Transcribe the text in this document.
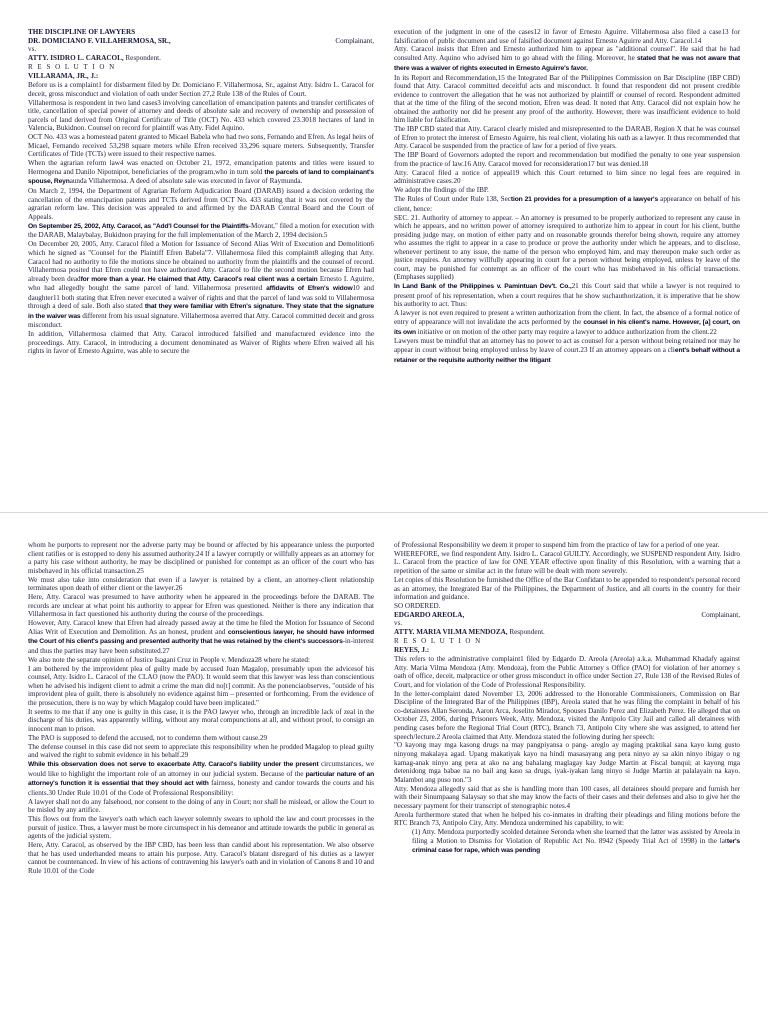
THE DISCIPLINE OF LAWYERS

DR. DOMICIANO F. VILLAHERMOSA, SR.,	Complainant,

vs.

ATTY. ISIDRO L. CARACOL, Respondent.

R E S O L U T I O N

VILLARAMA, JR., J.:

Before us is a complaint1 for disbarment filed by Dr. Domiciano F. Villahermosa, Sr., against Atty. Isidro L. Caracol for deceit, gross misconduct and violation of oath under Section 27,2 Rule 138 of the Rules of Court.

Villahermosa is respondent in two land cases3 involving cancellation of emancipation patents and transfer certificates of title, cancellation of special power of attorney and deeds of absolute sale and recovery of ownership and possession of parcels of land derived from Original Certificate of Title (OCT) No. 433 which covered 23.3018 hectares of land in Valencia, Bukidnon. Counsel on record for plaintiff was Atty. Fidel Aquino.

OCT No. 433 was a homestead patent granted to Micael Babela who had two sons, Fernando and Efren. As legal heirs of Micael, Fernando received 53,298 square meters while Efren received 33,296 square meters. Subsequently, Transfer Certificates of Title (TCTs) were issued to their respective names.

When the agrarian reform law4 was enacted on October 21, 1972, emancipation patents and titles were issued to Hermogena and Danilo Nipotnipot, beneficiaries of the program,who in turn sold the parcels of land to complainant's spouse, Reynaunda Villahermosa. A deed of absolute sale was executed in favor of Raymunda.

On March 2, 1994, the Department of Agrarian Reform Adjudication Board (DARAB) issued a decision ordering the cancellation of the emancipation patents and TCTs derived from OCT No. 433 stating that it was not covered by the agrarian reform law. This decision was appealed to and affirmed by the DARAB Central Board and the Court of Appeals.

On September 25, 2002, Atty. Caracol, as "Add'l Counsel for the Plaintiffs-Movant," filed a motion for execution with the DARAB, Malaybalay, Bukidnon praying for the full implementation of the March 2, 1994 decision.5

On December 20, 2005, Atty. Caracol filed a Motion for Issuance of Second Alias Writ of Execution and Demolition6 which he signed as "Counsel for the Plaintiff Efren Babela"7. Villahermosa filed this complaint8 alleging that Atty. Caracol had no authority to file the motions since he obtained no authority from the plaintiffs and the counsel of record. Villahermosa posited that Efren could not have authorized Atty. Caracol to file the second motion because Efren had already been deadfor more than a year. He claimed that Atty. Caracol's real client was a certain Ernesto I. Aguirre, who had allegedly bought the same parcel of land. Villahermosa presented affidavits of Efren's widow10 and daughter11 both stating that Efren never executed a waiver of rights and that the parcel of land was sold to Villahermosa through a deed of sale. Both also stated that they were familiar with Efren's signature. They state that the signature in the waiver was different from his usual signature. Villahermosa averred that Atty. Caracol committed deceit and gross misconduct.

In addition, Villahermosa claimed that Atty. Caracol introduced falsified and manufactured evidence into the proceedings. Atty. Caracol, in introducing a document denominated as Waiver of Rights where Efren waived all his rights in favor of Ernesto Aguirre, was able to secure the

execution of the judgment in one of the cases12 in favor of Ernesto Aguirre. Villahermosa also filed a case13 for falsification of public document and use of falsified document against Ernesto Aguirre and Atty. Caracol.14

Atty. Caracol insists that Efren and Ernesto authorized him to appear as "additional counsel". He said that he had consulted Atty. Aquino who advised him to go ahead with the filing. Moreover, he stated that he was not aware that there was a waiver of rights executed in Ernesto Aguirre's favor.

In its Report and Recommendation,15 the Integrated Bar of the Philippines Commission on Bar Discipline (IBP CBD) found that Atty. Caracol committed deceitful acts and misconduct. It found that respondent did not present credible evidence to controvert the allegation that he was not authorized by plaintiff or counsel of record. Respondent admitted that at the time of the filing of the second motion, Efren was dead. It noted that Atty. Caracol did not explain how he obtained the authority nor did he present any proof of the authority. However, there was insufficient evidence to hold him liable for falsification.

The IBP CBD stated that Atty. Caracol clearly misled and misrepresented to the DARAB, Region X that he was counsel of Efren to protect the interest of Ernesto Aguirre, his real client, violating his oath as a lawyer. It thus recommended that Atty. Caracol be suspended from the practice of law for a period of five years.

The IBP Board of Governors adopted the report and recommendation but modified the penalty to one year suspension from the practice of law.16 Atty. Caracol moved for reconsideration17 but was denied.18

Atty. Caracol filed a notice of appeal19 which this Court returned to him since no legal fees are required in administrative cases.20

We adopt the findings of the IBP.

The Rules of Court under Rule 138, Section 21 provides for a presumption of a lawyer's appearance on behalf of his client, hence:

SEC. 21. Authority of attorney to appear. – An attorney is presumed to be properly authorized to represent any cause in which he appears, and no written power of attorney isrequired to authorize him to appear in court for his client, butthe presiding judge may, on motion of either party and on reasonable grounds therefor being shown, require any attorney who assumes the right to appear in a case to produce or prove the authority under which he appears, and to disclose, whenever pertinent to any issue, the name of the person who employed him, and may thereupon make such order as justice requires. An attorney willfully appearing in court for a person without being employed, unless by leave of the court, may be punished for contempt as an officer of the court who has misbehaved in his official transactions. (Emphases supplied)

In Land Bank of the Philippines v. Pamintuan Dev't. Co.,21 this Court said that while a lawyer is not required to present proof of his representation, when a court requires that he show suchauthorization, it is imperative that he show his authority to act. Thus:

A lawyer is not even required to present a written authorization from the client. In fact, the absence of a formal notice of entry of appearance will not invalidate the acts performed by the counsel in his client's name. However, [a] court, on its own initiative or on motion of the other party may require a lawyer to adduce authorization from the client.22

Lawyers must be mindful that an attorney has no power to act as counsel for a person without being retained nor may he appear in court without being employed unless by leave of court.23 If an attorney appears on a client's behalf without a retainer or the requisite authority neither the litigant

whom he purports to represent nor the adverse party may be bound or affected by his appearance unless the purported client ratifies or is estopped to deny his assumed authority.24 If a lawyer corruptly or willfully appears as an attorney for a party his case without authority, he may be disciplined or punished for contempt as an officer of the court who has misbehaved in his official transaction.25

We must also take into consideration that even if a lawyer is retained by a client, an attorney-client relationship terminates upon death of either client or the lawyer.26

Here, Atty. Caracol was presumed to have authority when he appeared in the proceedings before the DARAB. The records are unclear at what point his authority to appear for Efren was questioned. Neither is there any indication that Villahermosa in fact questioned his authority during the course of the proceedings.

However, Atty. Caracol knew that Efren had already passed away at the time he filed the Motion for Issuance of Second Alias Writ of Execution and Demolition. As an honest, prudent and conscientious lawyer, he should have informed the Court of his client's passing and presented authority that he was retained by the client's successors-in-interest and thus the parties may have been substituted.27

We also note the separate opinion of Justice Isagani Cruz in People v. Mendoza28 where he stated:

I am bothered by the improvident plea of guilty made by accused Juan Magalop, presumably upon the advicesof his counsel, Atty. Isidro L. Caracol of the CLAO (now the PAO). It would seem that this lawyer was less than conscientious when he advised his indigent client to admit a crime the man did no[t] commit. As the ponenciaobserves, "outside of his improvident plea of guilt, there is absolutely no evidence against him – presented or forthcoming. From the evidence of the prosecution, there is no way by which Magalop could have been implicated."

It seems to me that if any one is guilty in this case, it is the PAO lawyer who, through an incredible lack of zeal in the discharge of his duties, was apparently willing, without any moral compunctions at all, and without proof, to consign an innocent man to prison.

The PAO is supposed to defend the accused, not to condemn them without cause.29

The defense counsel in this case did not seem to appreciate this responsibility when he prodded Magalop to plead guilty and waived the right to submit evidence in his behalf.29

While this observation does not serve to exacerbate Atty. Caracol's liability under the present circumstances, we would like to highlight the important role of an attorney in our judicial system. Because of the particular nature of an attorney's function it is essential that they should act with fairness, honesty and candor towards the courts and his clients.30 Under Rule 10.01 of the Code of Professional Responsibility:

A lawyer shall not do any falsehood, nor consent to the doing of any in Court; nor shall he mislead, or allow the Court to be misled by any artifice.

This flows out from the lawyer's oath which each lawyer solemnly swears to uphold the law and court processes in the pursuit of justice. Thus, a lawyer must be more circumspect in his demeanor and attitude towards the public in general as agents of the judicial system.

Here, Atty. Caracol, as observed by the IBP CBD, has been less than candid about his representation. We also observe that he has used underhanded means to attain his purpose. Atty. Caracol's blatant disregard of his duties as a lawyer cannot be countenanced. In view of his actions of contravening his lawyer's oath and in violation of Canons 8 and 10 and Rule 10.01 of the Code

of Professional Responsibility we deem it proper to suspend him from the practice of law for a period of one year.

WHEREFORE, we find respondent Atty. Isidro L. Caracol GUILTY. Accordingly, we SUSPEND respondent Atty. Isidro L. Caracol from the practice of law for ONE YEAR effective upon finality of this Resolution, with a warning that a repetition of the same or similar act in the future will be dealt with more severely.

Let copies of this Resolution be furnished the Office of the Bar Confidant to be appended to respondent's personal record as an attorney, the Integrated Bar of the Philippines, the Department of Justice, and all courts in the country for their information and guidance.

SO ORDERED.

EDGARDO AREOLA,	Complainant,

vs.

ATTY. MARIA VILMA MENDOZA, Respondent.

R E S O L U T I O N

REYES, J.:

This refers to the administrative complaint1 filed by Edgardo D. Areola (Areola) a.k.a. Muhammad Khadafy against Atty. Maria Vilma Mendoza (Atty. Mendoza), from the Public Attorney s Office (PAO) for violation of her attorney s oath of office, deceit, malpractice or other gross misconduct in office under Section 27, Rule 138 of the Revised Rules of Court, and for violation of the Code of Professional Responsibility.

In the letter-complaint dated November 13, 2006 addressed to the Honorable Commissioners, Commission on Bar Discipline of the Integrated Bar of the Philippines (IBP), Areola stated that he was filing the complaint in behalf of his co-detainees Allan Seronda, Aaron Arca, Joselito Mirador, Spouses Danilo Perez and Elizabeth Perez. He alleged that on October 23, 2006, during Prisoners Week, Atty. Mendoza, visited the Antipolo City Jail and called all detainees with pending cases before the Regional Trial Court (RTC), Branch 73, Antipolo City where she was assigned, to attend her speech/lecture.2 Areola claimed that Atty. Mendoza stated the following during her speech:

"O kayong may mga kasong drugs na may pangpiyansa o pang- areglo ay maging praktikal sana kayo kung gusto ninyong makalaya agad. Upang makatiyak kayo na hindi masasayang ang pera ninyo ay sa akin ninyo ibigay o ng kamag-anak ninyo ang pera at ako na ang bahalang maglagay kay Judge Martin at Fiscal banqui; at kayong mga detenidong mga babae na no bail ang kaso sa drugs, iyak-iyakan lang ninyo si Judge Martin at palalayain na kayo. Malambot ang puso non."3

Atty. Mendoza allegedly said that as she is handling more than 100 cases, all detainees should prepare and furnish her with their Sinumpaang Salaysay so that she may know the facts of their cases and their defenses and also to give her the necessary payment for their transcript of stenographic notes.4

Areola furthermore stated that when he helped his co-inmates in drafting their pleadings and filing motions before the RTC Branch 73, Antipolo City, Atty. Mendoza undermined his capability, to wit:

(1) Atty. Mendoza purportedly scolded detainee Seronda when she learned that the latter was assisted by Areola in filing a Motion to Dismiss for Violation of Republic Act No. 8942 (Speedy Trial Act of 1998) in the latter's criminal case for rape, which was pending
